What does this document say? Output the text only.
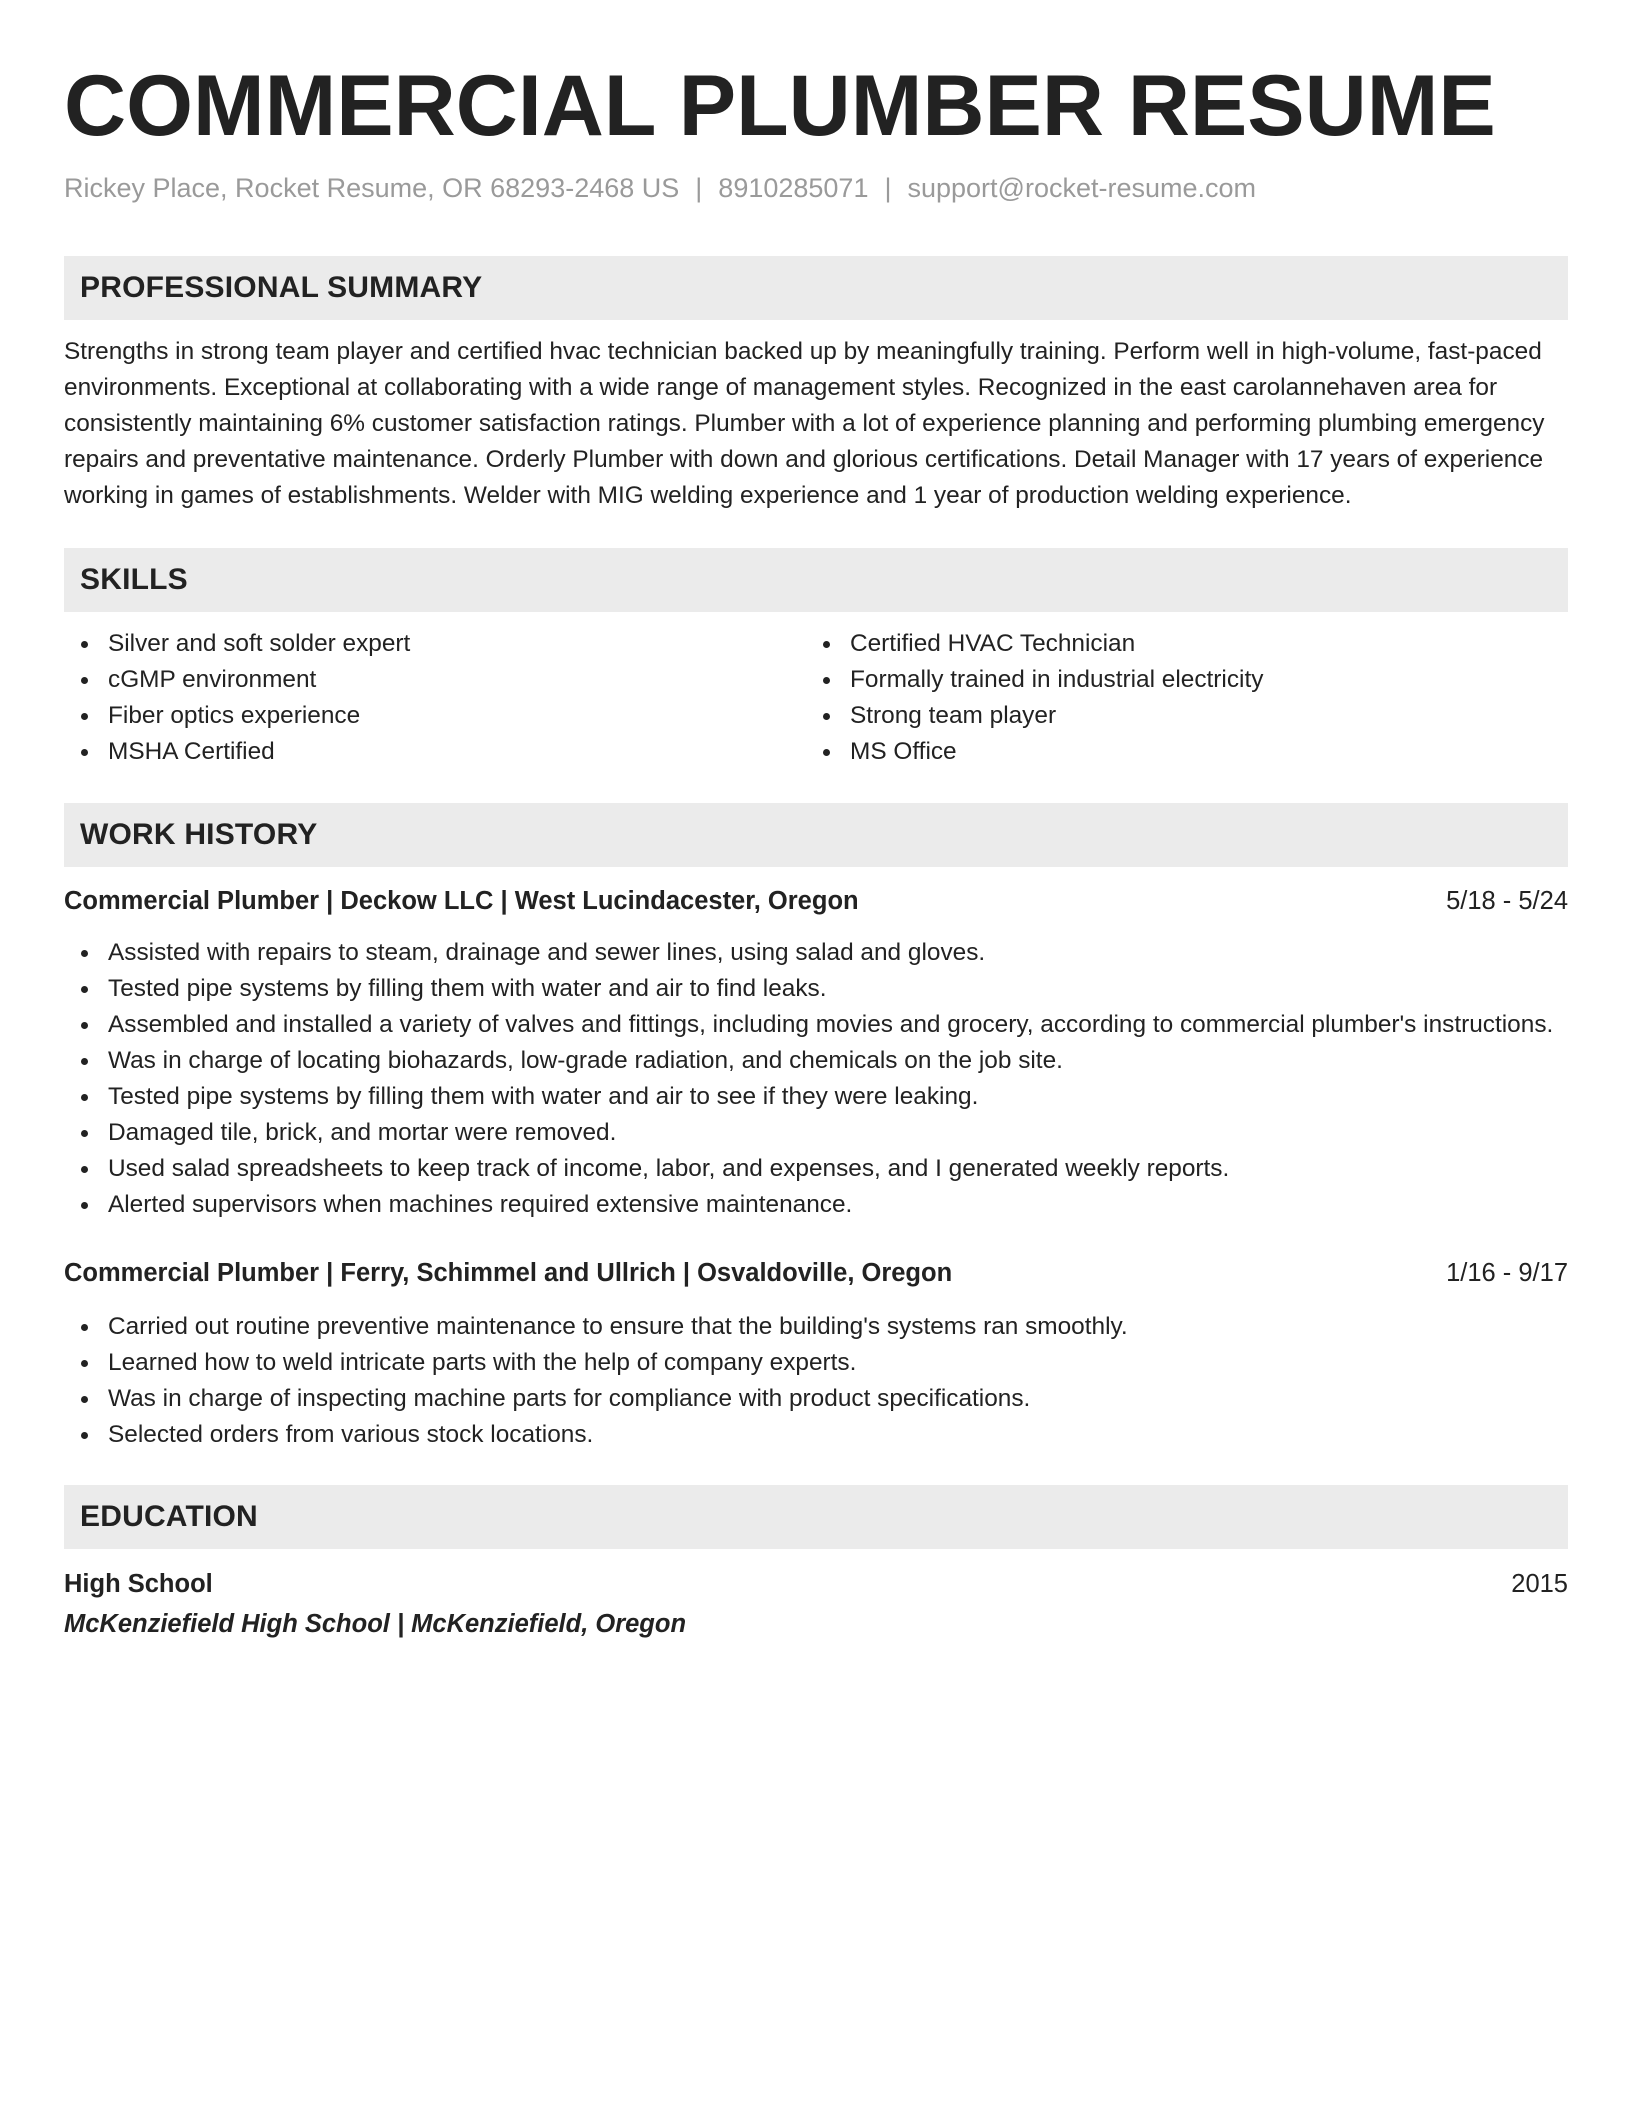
COMMERCIAL PLUMBER RESUME
Rickey Place, Rocket Resume, OR 68293-2468 US | 8910285071 | support@rocket-resume.com
PROFESSIONAL SUMMARY

Strengths in strong team player and certified hvac technician backed up by meaningfully training. Perform well in high-volume, fast-paced environments. Exceptional at collaborating with a wide range of management styles. Recognized in the east carolannehaven area for consistently maintaining 6% customer satisfaction ratings. Plumber with a lot of experience planning and performing plumbing emergency repairs and preventative maintenance. Orderly Plumber with down and glorious certifications. Detail Manager with 17 years of experience working in games of establishments. Welder with MIG welding experience and 1 year of production welding experience.

SKILLS
Silver and soft solder expert
cGMP environment
Fiber optics experience
MSHA Certified
Certified HVAC Technician
Formally trained in industrial electricity
Strong team player
MS Office
WORK HISTORY
Commercial Plumber | Deckow LLC | West Lucindacester, Oregon	5/18 - 5/24
Assisted with repairs to steam, drainage and sewer lines, using salad and gloves.
Tested pipe systems by filling them with water and air to find leaks.
Assembled and installed a variety of valves and fittings, including movies and grocery, according to commercial plumber's instructions.
Was in charge of locating biohazards, low-grade radiation, and chemicals on the job site.
Tested pipe systems by filling them with water and air to see if they were leaking.
Damaged tile, brick, and mortar were removed.
Used salad spreadsheets to keep track of income, labor, and expenses, and I generated weekly reports.
Alerted supervisors when machines required extensive maintenance.
Commercial Plumber | Ferry, Schimmel and Ullrich | Osvaldoville, Oregon	1/16 - 9/17
Carried out routine preventive maintenance to ensure that the building's systems ran smoothly.
Learned how to weld intricate parts with the help of company experts.
Was in charge of inspecting machine parts for compliance with product specifications.
Selected orders from various stock locations.
EDUCATION
High School	2015
McKenziefield High School | McKenziefield, Oregon
